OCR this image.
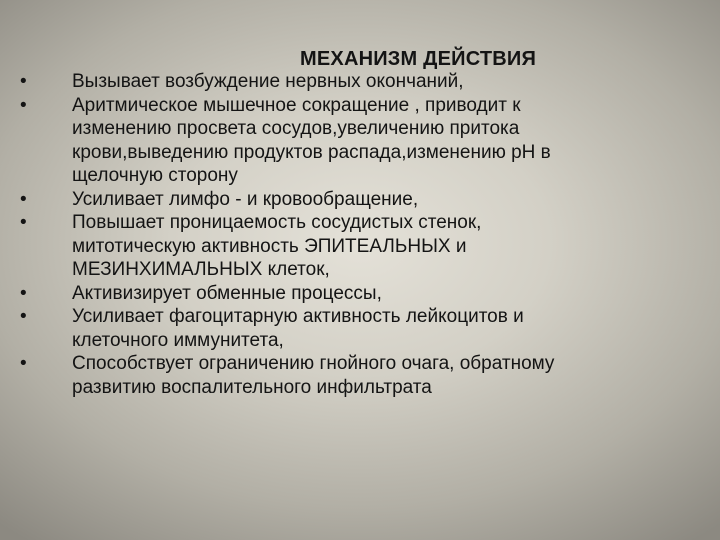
МЕХАНИЗМ ДЕЙСТВИЯ
•	Вызывает возбуждение нервных окончаний,
•	Аритмическое мышечное сокращение , приводит к
изменению просвета сосудов,увеличению притока
крови,выведению продуктов распада,изменению рН в
щелочную сторону
•	Усиливает лимфо - и кровообращение,
•	Повышает проницаемость сосудистых стенок,
митотическую активность ЭПИТЕАЛЬНЫХ и
МЕЗИНХИМАЛЬНЫХ клеток,
•	Активизирует обменные процессы,
•	Усиливает фагоцитарную активность лейкоцитов и
клеточного иммунитета,
•	Способствует ограничению гнойного очага, обратному
развитию воспалительного инфильтрата
